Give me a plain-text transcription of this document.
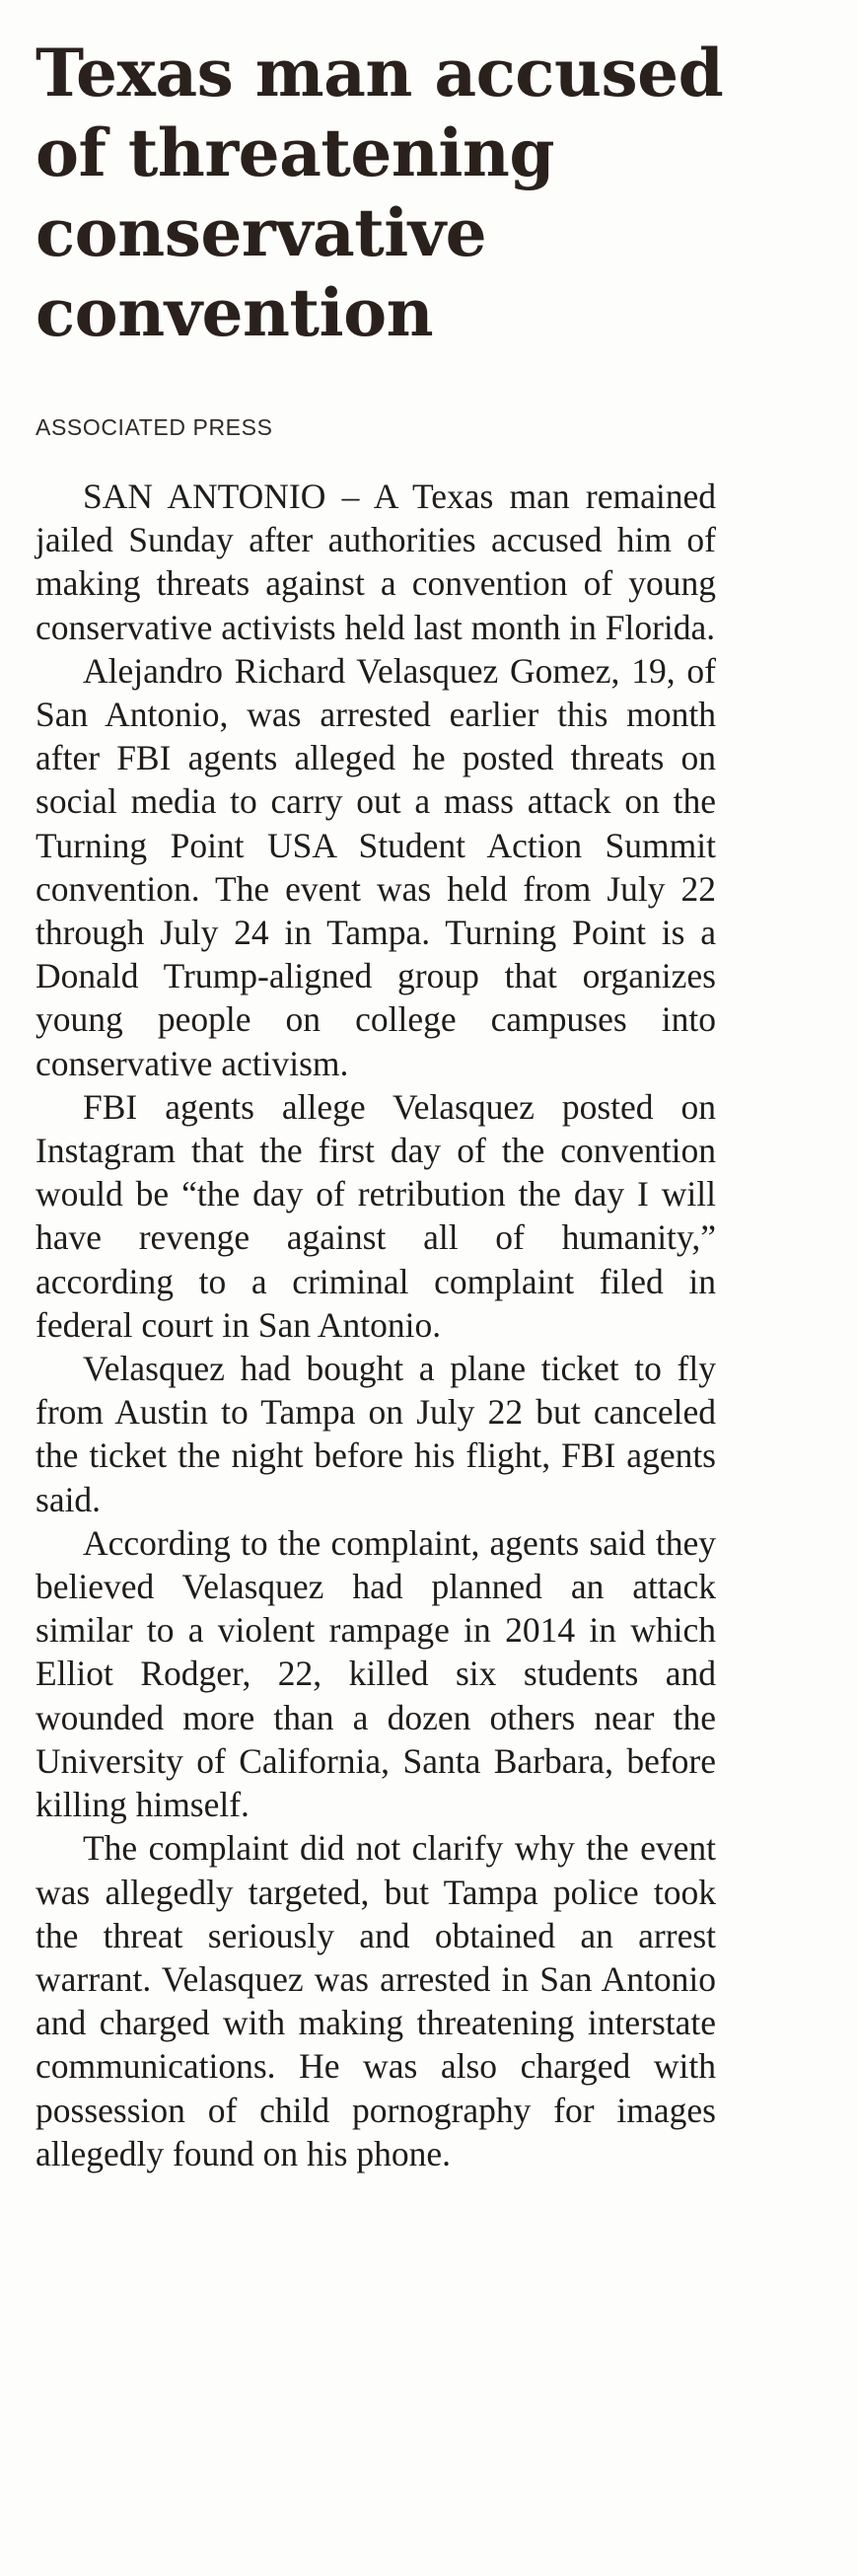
Texas man accused
of threatening
conservative
convention
ASSOCIATED PRESS

SAN ANTONIO – A Texas man remained jailed Sunday after authorities accused him of making threats against a convention of young conservative activists held last month in Florida.

Alejandro Richard Velasquez Gomez, 19, of San Antonio, was arrested earlier this month after FBI agents alleged he posted threats on social media to carry out a mass attack on the Turning Point USA Student Action Summit convention. The event was held from July 22 through July 24 in Tampa. Turning Point is a Donald Trump-aligned group that organizes young people on college campuses into conservative activism.

FBI agents allege Velasquez posted on Instagram that the first day of the convention would be “the day of retribution the day I will have revenge against all of humanity,” according to a criminal complaint filed in federal court in San Antonio.

Velasquez had bought a plane ticket to fly from Austin to Tampa on July 22 but canceled the ticket the night before his flight, FBI agents said.

According to the complaint, agents said they believed Velasquez had planned an attack similar to a violent rampage in 2014 in which Elliot Rodger, 22, killed six students and wounded more than a dozen others near the University of California, Santa Barbara, before killing himself.

The complaint did not clarify why the event was allegedly targeted, but Tampa police took the threat seriously and obtained an arrest warrant. Velasquez was arrested in San Antonio and charged with making threatening interstate communications. He was also charged with possession of child pornography for images allegedly found on his phone.
